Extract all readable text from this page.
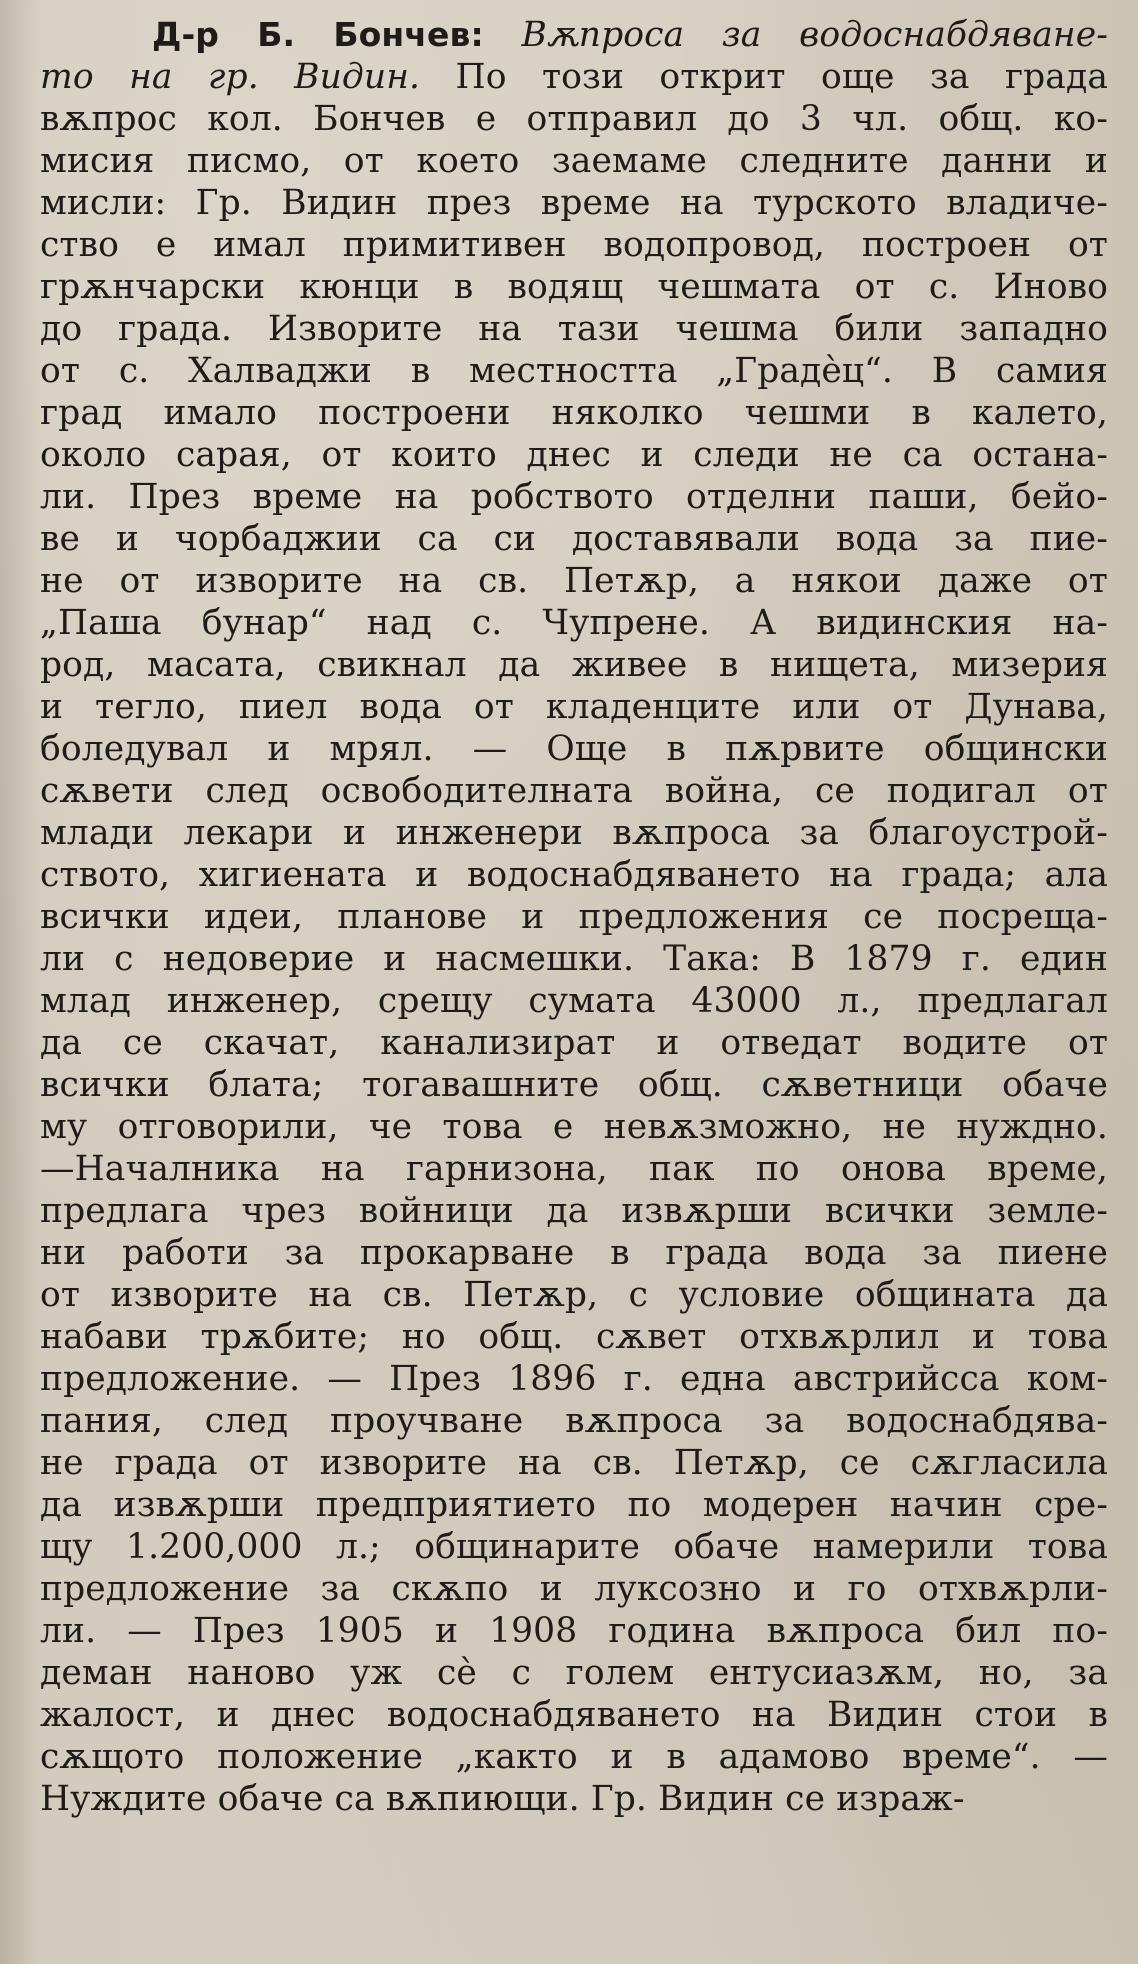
Д-р Б. Бончев: Вѫпроса за водоснабдяване-
то на гр. Видин. По този открит още за града
вѫпрос кол. Бончев е отправил до 3 чл. общ. ко-
мисия писмо, от което заемаме следните данни и
мисли: Гр. Видин през време на турското владиче-
ство е имал примитивен водопровод, построен от
грѫнчарски кюнци в водящ чешмата от с. Иново
до града. Изворите на тази чешма били западно
от с. Халваджи в местността „Градѐц“. В самия
град имало построени няколко чешми в калето,
около сарая, от които днес и следи не са остана-
ли. През време на робството отделни паши, бейо-
ве и чорбаджии са си доставявали вода за пие-
не от изворите на св. Петѫр, а някои даже от
„Паша бунар“ над с. Чупрене. А видинския на-
род, масата, свикнал да живее в нищета, мизерия
и тегло, пиел вода от кладенците или от Дунава,
боледувал и мрял. — Още в пѫрвите общински
сѫвети след освободителната война, се подигал от
млади лекари и инженери вѫпроса за благоустрой-
ството, хигиената и водоснабдяването на града; ала
всички идеи, планове и предложения се посреща-
ли с недоверие и насмешки. Така: В 1879 г. един
млад инженер, срещу сумата 43000 л., предлагал
да се скачат, канализират и отведат водите от
всички блата; тогавашните общ. сѫветници обаче
му отговорили, че това е невѫзможно, не нуждно.
—Началника на гарнизона, пак по онова време,
предлага чрез войници да извѫрши всички земле-
ни работи за прокарване в града вода за пиене
от изворите на св. Петѫр, с условие общината да
набави трѫбите; но общ. сѫвет отхвѫрлил и това
предложение. — През 1896 г. една австрийсса ком-
пания, след проучване вѫпроса за водоснабдява-
не града от изворите на св. Петѫр, се сѫгласила
да извѫрши предприятието по модерен начин сре-
щу 1.200,000 л.; общинарите обаче намерили това
предложение за скѫпо и луксозно и го отхвѫрли-
ли. — През 1905 и 1908 година вѫпроса бил по-
деман наново уж сѐ с голем ентусиазѫм, но, за
жалост, и днес водоснабдяването на Видин стои в
сѫщото положение „както и в адамово време“. —
Нуждите обаче са вѫпиющи. Гр. Видин се израж-
